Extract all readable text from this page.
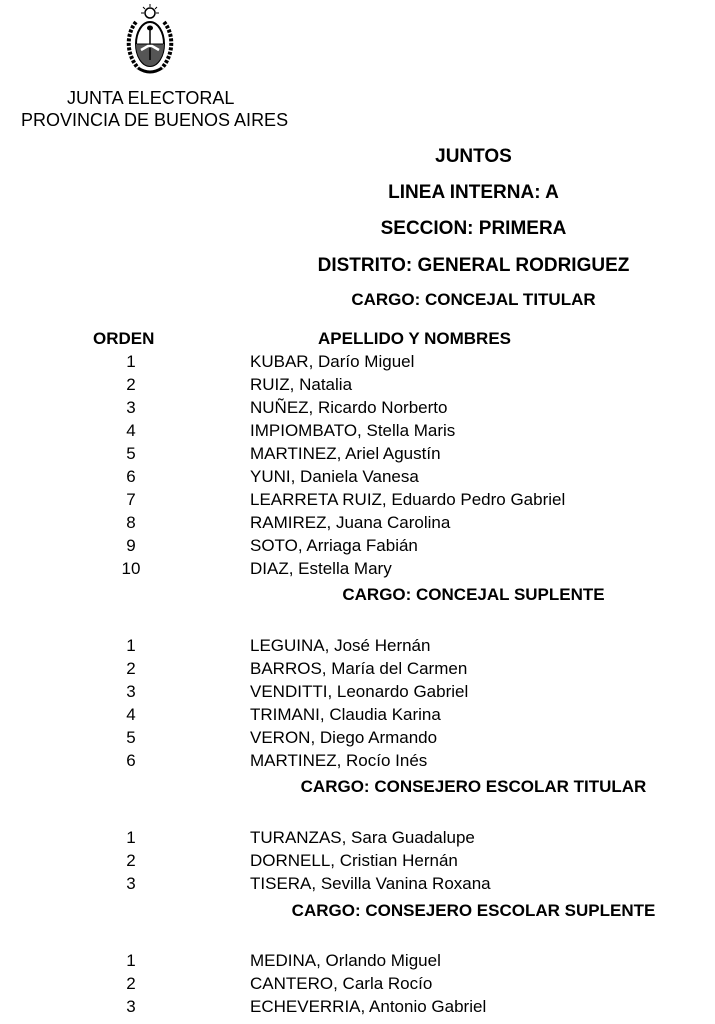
JUNTA ELECTORAL
PROVINCIA DE BUENOS AIRES
JUNTOS
LINEA INTERNA: A
SECCION: PRIMERA
DISTRITO: GENERAL RODRIGUEZ
CARGO: CONCEJAL TITULAR
ORDEN	APELLIDO Y NOMBRES
1	KUBAR, Darío Miguel
2	RUIZ, Natalia
3	NUÑEZ, Ricardo Norberto
4	IMPIOMBATO, Stella Maris
5	MARTINEZ, Ariel Agustín
6	YUNI, Daniela Vanesa
7	LEARRETA RUIZ, Eduardo Pedro Gabriel
8	RAMIREZ, Juana Carolina
9	SOTO, Arriaga Fabián
10	DIAZ, Estella Mary
CARGO: CONCEJAL SUPLENTE
1	LEGUINA, José Hernán
2	BARROS, María del Carmen
3	VENDITTI, Leonardo Gabriel
4	TRIMANI, Claudia Karina
5	VERON, Diego Armando
6	MARTINEZ, Rocío Inés
CARGO: CONSEJERO ESCOLAR TITULAR
1	TURANZAS, Sara Guadalupe
2	DORNELL, Cristian Hernán
3	TISERA, Sevilla Vanina Roxana
CARGO: CONSEJERO ESCOLAR SUPLENTE
1	MEDINA, Orlando Miguel
2	CANTERO, Carla Rocío
3	ECHEVERRIA, Antonio Gabriel
